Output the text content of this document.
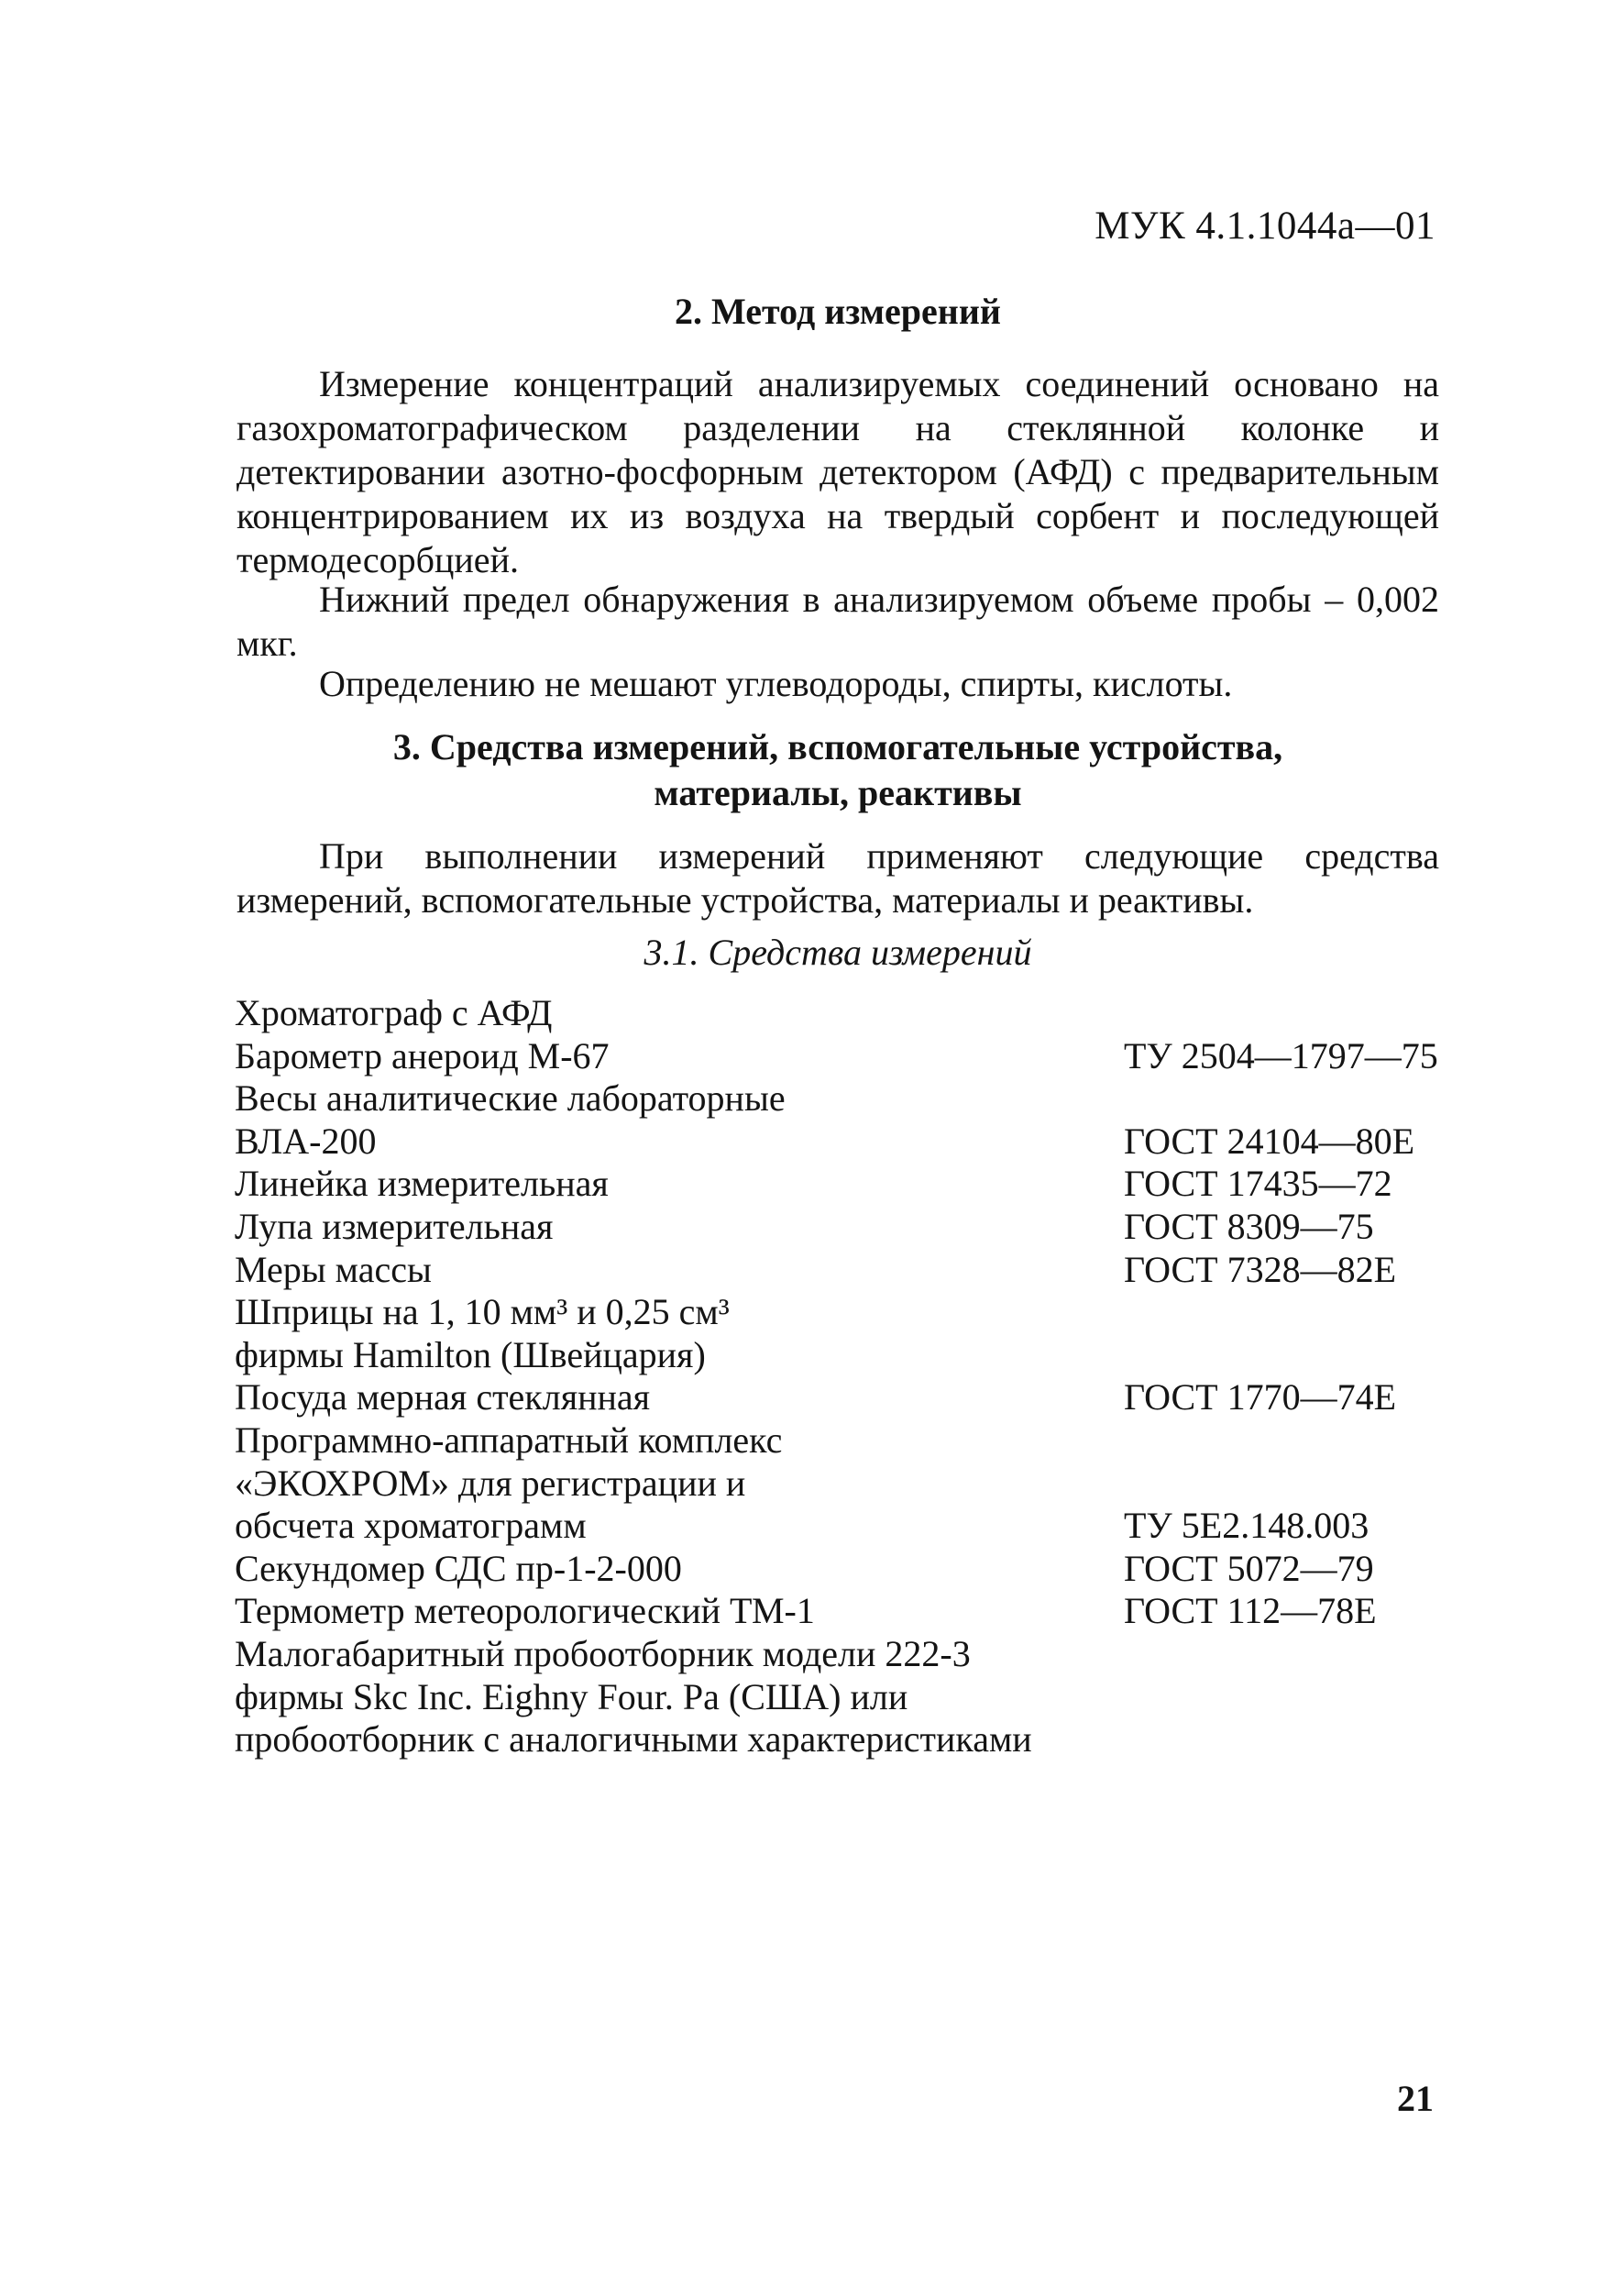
МУК 4.1.1044а—01
2. Метод измерений
Измерение концентраций анализируемых соединений основано на газохроматографическом разделении на стеклянной колонке и детектировании азотно-фосфорным детектором (АФД) с предварительным концентрированием их из воздуха на твердый сорбент и последующей термодесорбцией.
Нижний предел обнаружения в анализируемом объеме пробы – 0,002 мкг.
Определению не мешают углеводороды, спирты, кислоты.
3. Средства измерений, вспомогательные устройства,
материалы, реактивы
При выполнении измерений применяют следующие средства измерений, вспомогательные устройства, материалы и реактивы.
3.1. Средства измерений
Хроматограф с АФД
Барометр анероид М-67	ТУ 2504—1797—75
Весы аналитические лабораторные
ВЛА-200	ГОСТ 24104—80Е
Линейка измерительная	ГОСТ 17435—72
Лупа измерительная	ГОСТ 8309—75
Меры массы	ГОСТ 7328—82Е
Шприцы на 1, 10 мм³ и 0,25 см³
фирмы Hamilton (Швейцария)
Посуда мерная стеклянная	ГОСТ 1770—74Е
Программно-аппаратный комплекс
«ЭКОХРОМ» для регистрации и
обсчета хроматограмм	ТУ 5Е2.148.003
Секундомер СДС пр-1-2-000	ГОСТ 5072—79
Термометр метеорологический ТМ-1	ГОСТ 112—78Е
Малогабаритный пробоотборник модели 222-3
фирмы Skc Inc. Eighny Four. Pa (США) или
пробоотборник с аналогичными характеристиками
21
